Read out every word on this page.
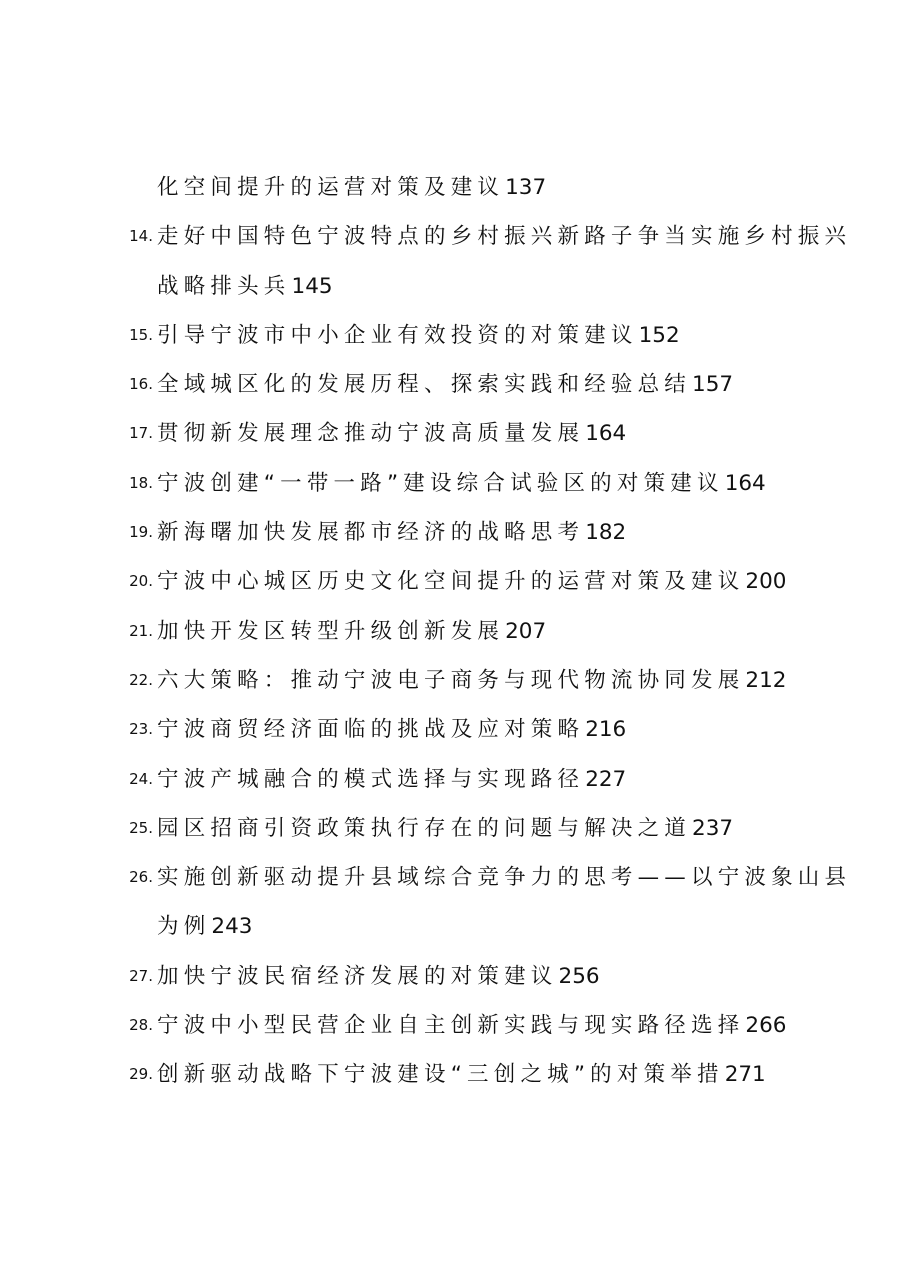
化空间提升的运营对策及建议137
14. 走好中国特色宁波特点的乡村振兴新路子争当实施乡村振兴
战略排头兵145
15. 引导宁波市中小企业有效投资的对策建议152
16. 全域城区化的发展历程、探索实践和经验总结157
17. 贯彻新发展理念推动宁波高质量发展164
18. 宁波创建“一带一路”建设综合试验区的对策建议164
19. 新海曙加快发展都市经济的战略思考182
20. 宁波中心城区历史文化空间提升的运营对策及建议200
21. 加快开发区转型升级创新发展207
22. 六大策略：推动宁波电子商务与现代物流协同发展212
23. 宁波商贸经济面临的挑战及应对策略216
24. 宁波产城融合的模式选择与实现路径227
25. 园区招商引资政策执行存在的问题与解决之道237
26. 实施创新驱动提升县域综合竞争力的思考——以宁波象山县
为例243
27. 加快宁波民宿经济发展的对策建议256
28. 宁波中小型民营企业自主创新实践与现实路径选择266
29. 创新驱动战略下宁波建设“三创之城”的对策举措271
